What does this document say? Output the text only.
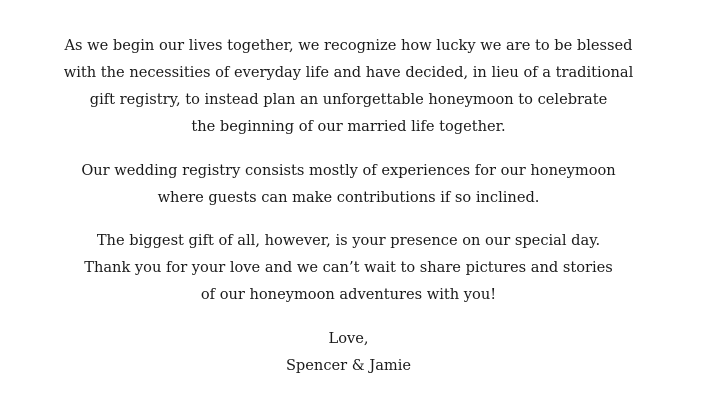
As we begin our lives together, we recognize how lucky we are to be blessed
with the necessities of everyday life and have decided, in lieu of a traditional
gift registry, to instead plan an unforgettable honeymoon to celebrate
the beginning of our married life together.

Our wedding registry consists mostly of experiences for our honeymoon
where guests can make contributions if so inclined.

The biggest gift of all, however, is your presence on our special day.
Thank you for your love and we can’t wait to share pictures and stories
of our honeymoon adventures with you!

Love,
Spencer & Jamie
